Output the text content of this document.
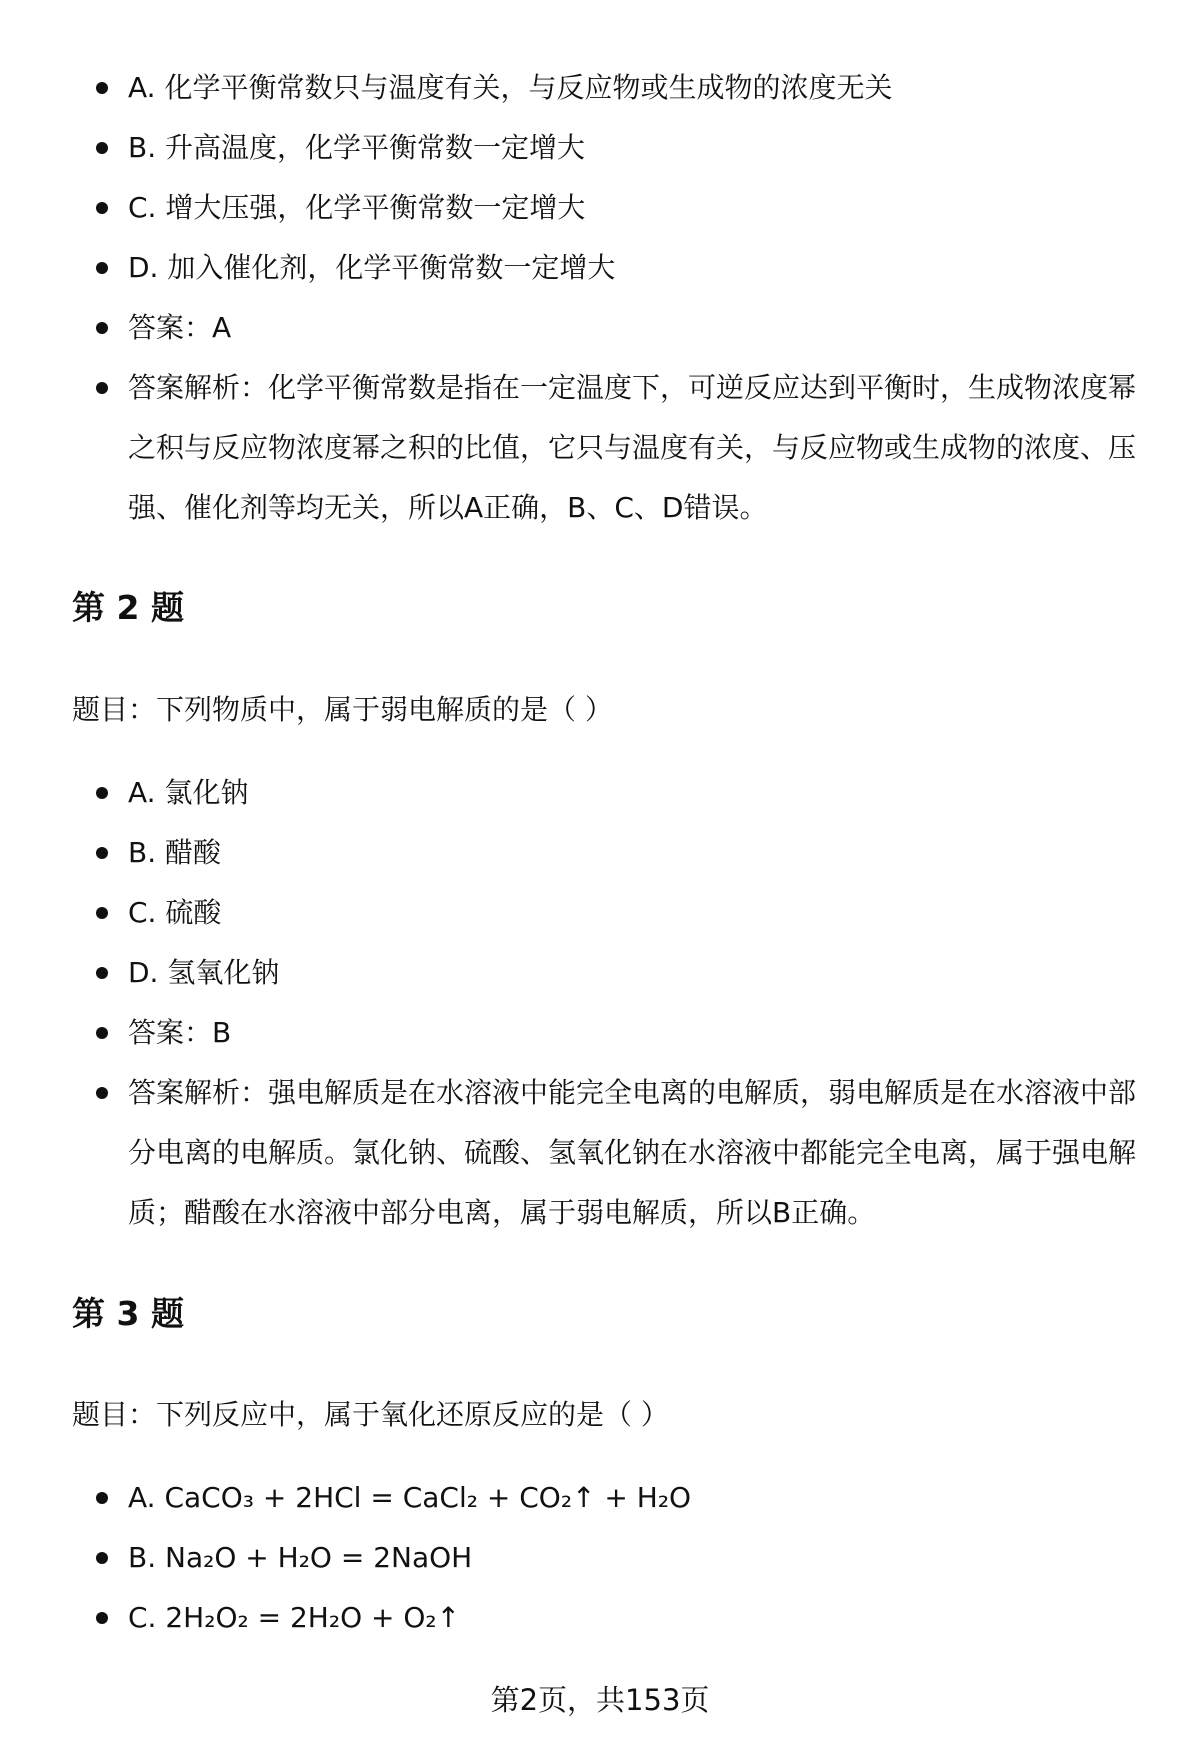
A. 化学平衡常数只与温度有关，与反应物或生成物的浓度无关
B. 升高温度，化学平衡常数一定增大
C. 增大压强，化学平衡常数一定增大
D. 加入催化剂，化学平衡常数一定增大
答案：A
答案解析：化学平衡常数是指在一定温度下，可逆反应达到平衡时，生成物浓度幂之积与反应物浓度幂之积的比值，它只与温度有关，与反应物或生成物的浓度、压强、催化剂等均无关，所以A正确，B、C、D错误。
第 2 题
题目：下列物质中，属于弱电解质的是（ ）
A. 氯化钠
B. 醋酸
C. 硫酸
D. 氢氧化钠
答案：B
答案解析：强电解质是在水溶液中能完全电离的电解质，弱电解质是在水溶液中部分电离的电解质。氯化钠、硫酸、氢氧化钠在水溶液中都能完全电离，属于强电解质；醋酸在水溶液中部分电离，属于弱电解质，所以B正确。
第 3 题
题目：下列反应中，属于氧化还原反应的是（ ）
A. CaCO₃ + 2HCl = CaCl₂ + CO₂↑ + H₂O
B. Na₂O + H₂O = 2NaOH
C. 2H₂O₂ = 2H₂O + O₂↑
第2页，共153页
